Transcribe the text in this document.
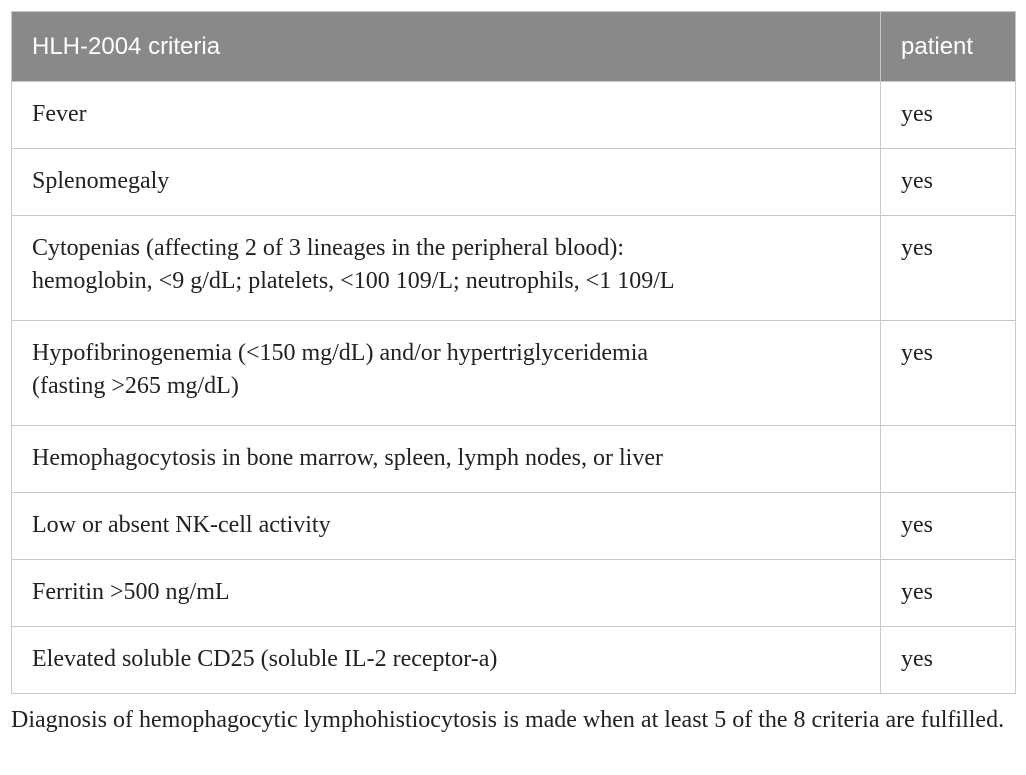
HLH-2004 criteria	patient
Fever	yes
Splenomegaly	yes
Cytopenias (affecting 2 of 3 lineages in the peripheral blood):
hemoglobin, <9 g/dL; platelets, <100 109/L; neutrophils, <1 109/L	yes
Hypofibrinogenemia (<150 mg/dL) and/or hypertriglyceridemia
(fasting >265 mg/dL)	yes
Hemophagocytosis in bone marrow, spleen, lymph nodes, or liver	
Low or absent NK-cell activity	yes
Ferritin >500 ng/mL	yes
Elevated soluble CD25 (soluble IL-2 receptor-a)	yes
Diagnosis of hemophagocytic lymphohistiocytosis is made when at least 5 of the 8 criteria are fulfilled.
